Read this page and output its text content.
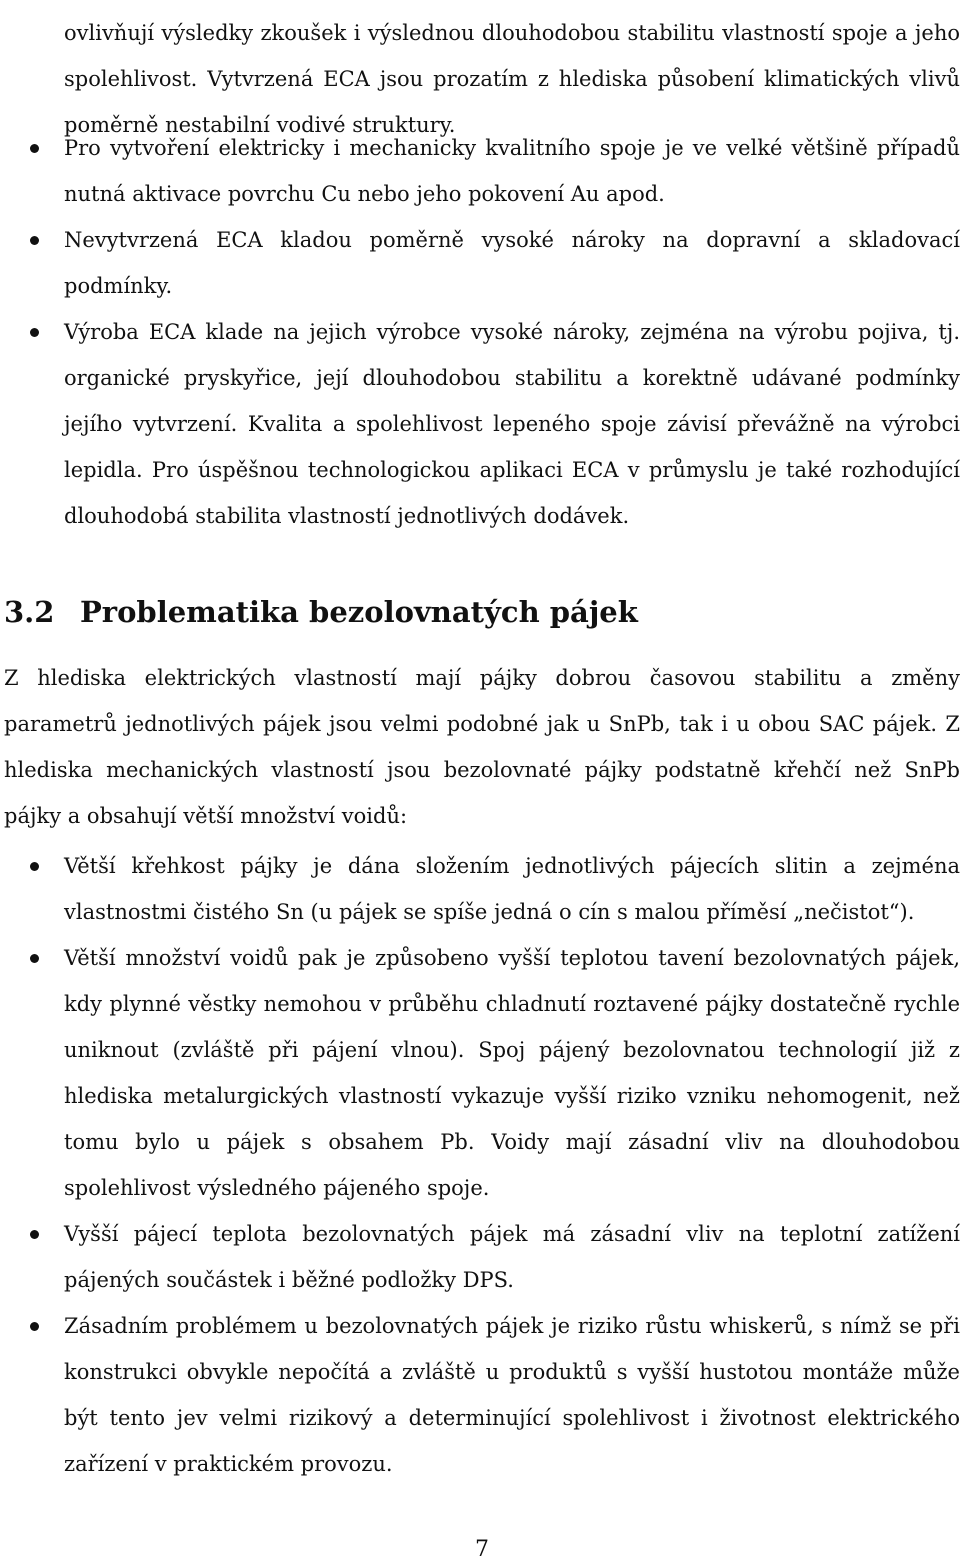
ovlivňují výsledky zkoušek i výslednou dlouhodobou stabilitu vlastností spoje a jeho spolehlivost. Vytvrzená ECA jsou prozatím z hlediska působení klimatických vlivů poměrně nestabilní vodivé struktury.

Pro vytvoření elektricky i mechanicky kvalitního spoje je ve velké většině případů nutná aktivace povrchu Cu nebo jeho pokovení Au apod.
Nevytvrzená ECA kladou poměrně vysoké nároky na dopravní a skladovací podmínky.
Výroba ECA klade na jejich výrobce vysoké nároky, zejména na výrobu pojiva, tj. organické pryskyřice, její dlouhodobou stabilitu a korektně udávané podmínky jejího vytvrzení. Kvalita a spolehlivost lepeného spoje závisí převážně na výrobci lepidla. Pro úspěšnou technologickou aplikaci ECA v průmyslu je také rozhodující dlouhodobá stabilita vlastností jednotlivých dodávek.
3.2 Problematika bezolovnatých pájek

Z hlediska elektrických vlastností mají pájky dobrou časovou stabilitu a změny parametrů jednotlivých pájek jsou velmi podobné jak u SnPb, tak i u obou SAC pájek. Z hlediska mechanických vlastností jsou bezolovnaté pájky podstatně křehčí než SnPb pájky a obsahují větší množství voidů:

Větší křehkost pájky je dána složením jednotlivých pájecích slitin a zejména vlastnostmi čistého Sn (u pájek se spíše jedná o cín s malou příměsí „nečistot“).
Větší množství voidů pak je způsobeno vyšší teplotou tavení bezolovnatých pájek, kdy plynné věstky nemohou v průběhu chladnutí roztavené pájky dostatečně rychle uniknout (zvláště při pájení vlnou). Spoj pájený bezolovnatou technologií již z hlediska metalurgických vlastností vykazuje vyšší riziko vzniku nehomogenit, než tomu bylo u pájek s obsahem Pb. Voidy mají zásadní vliv na dlouhodobou spolehlivost výsledného pájeného spoje.
Vyšší pájecí teplota bezolovnatých pájek má zásadní vliv na teplotní zatížení pájených součástek i běžné podložky DPS.
Zásadním problémem u bezolovnatých pájek je riziko růstu whiskerů, s nímž se při konstrukci obvykle nepočítá a zvláště u produktů s vyšší hustotou montáže může být tento jev velmi rizikový a determinující spolehlivost i životnost elektrického zařízení v praktickém provozu.
7
